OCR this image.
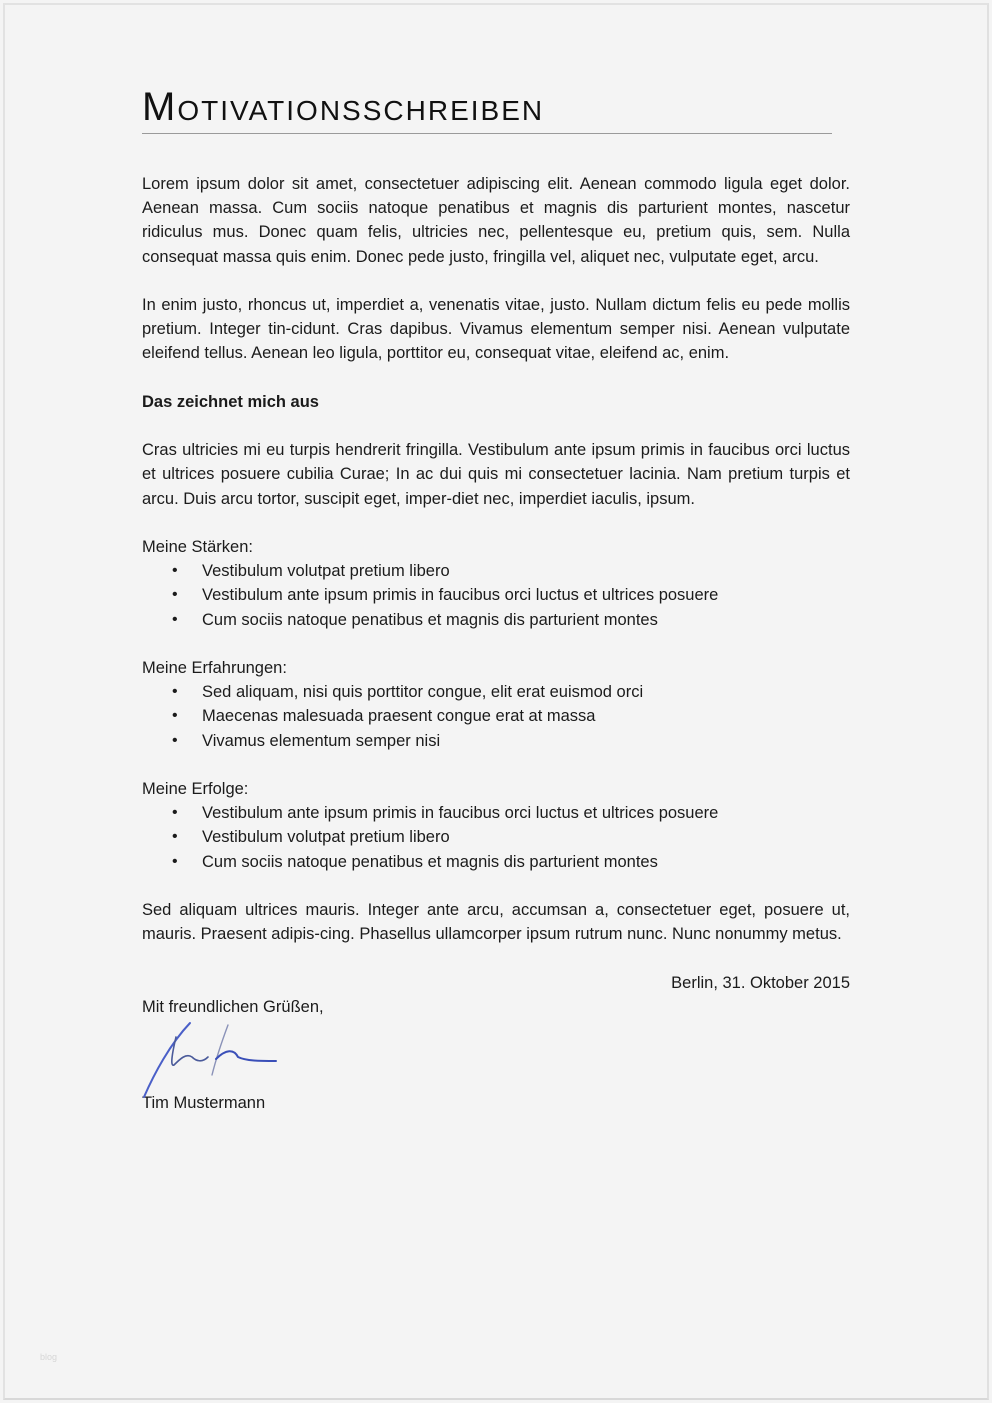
Motivationsschreiben

Lorem ipsum dolor sit amet, consectetuer adipiscing elit. Aenean commodo ligula eget dolor. Aenean massa. Cum sociis natoque penatibus et magnis dis parturient montes, nascetur ridiculus mus. Donec quam felis, ultricies nec, pellentesque eu, pretium quis, sem. Nulla consequat massa quis enim. Donec pede justo, fringilla vel, aliquet nec, vulputate eget, arcu.

In enim justo, rhoncus ut, imperdiet a, venenatis vitae, justo. Nullam dictum felis eu pede mollis pretium. Integer tin-cidunt. Cras dapibus. Vivamus elementum semper nisi. Aenean vulputate eleifend tellus. Aenean leo ligula, porttitor eu, consequat vitae, eleifend ac, enim.

Das zeichnet mich aus

Cras ultricies mi eu turpis hendrerit fringilla. Vestibulum ante ipsum primis in faucibus orci luctus et ultrices posuere cubilia Curae; In ac dui quis mi consectetuer lacinia. Nam pretium turpis et arcu. Duis arcu tortor, suscipit eget, imper-diet nec, imperdiet iaculis, ipsum.

Meine Stärken:

• Vestibulum volutpat pretium libero
• Vestibulum ante ipsum primis in faucibus orci luctus et ultrices posuere
• Cum sociis natoque penatibus et magnis dis parturient montes

Meine Erfahrungen:

• Sed aliquam, nisi quis porttitor congue, elit erat euismod orci
• Maecenas malesuada praesent congue erat at massa
• Vivamus elementum semper nisi

Meine Erfolge:

• Vestibulum ante ipsum primis in faucibus orci luctus et ultrices posuere
• Vestibulum volutpat pretium libero
• Cum sociis natoque penatibus et magnis dis parturient montes

Sed aliquam ultrices mauris. Integer ante arcu, accumsan a, consectetuer eget, posuere ut, mauris. Praesent adipis-cing. Phasellus ullamcorper ipsum rutrum nunc. Nunc nonummy metus.

Berlin, 31. Oktober 2015

Mit freundlichen Grüßen,

Tim Mustermann

blog
